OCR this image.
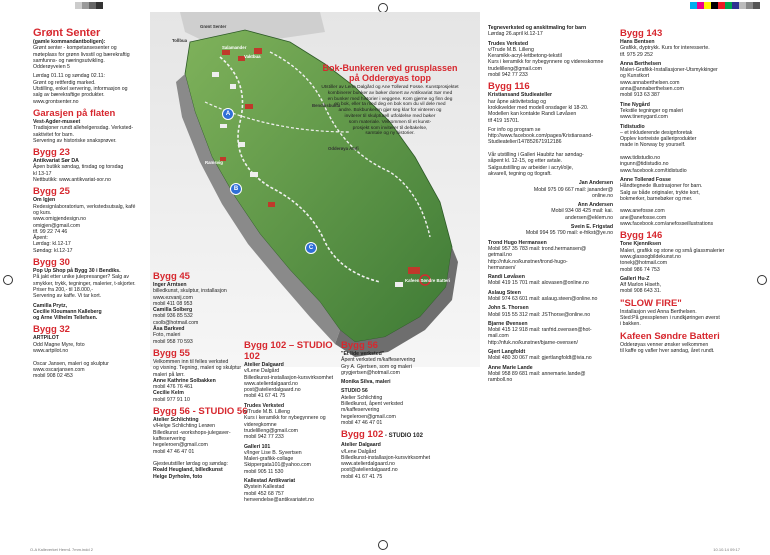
A
B
C
Grønt Senter
Tollbua
Salamander
Vaktbua
Bendiksbukta
Odderøya Amfi
Ramsvig
Kafeen Søndre Batteri
Bok-Bunkeren ved grusplassen
på Odderøyas topp
Utstiller av Lene Dalgård og Ane Tollerød Fosse. Kunstprosjektet
kombinerer bunker av bøker donert av Antikvariat Sør med
en bunker med historier i veggene. Kom gjerne og finn deg
en bok, eller ta med deg en bok som du vil dele med
andre. Bokbunkeren gjør seg klar for vinteren og
inviterer til skulpturell utfoldelse med bøker
som materiale. Velkommen til et kunst-
prosjekt som inviterer til deltakelse,
samtale og ny historier.
Grønt Senter
(gamle kommandantboligen):
Grønt senter - kompetansesenter og
møteplass for grønn livsstil og bærekraftig
samfunns- og næringsutvikling.
Odderøyveien 5
Lørdag 01.11 og søndag 02.11:
Grønt og rettferdig marked.
Utstilling, enkel servering, informasjon og
salg av bærekraftige produkter.
www.grontsenter.no
Garasjen på flaten
Vest-Agder-museet
Tradisjoner rundt allehelgensdag. Verksted-
saktivitet for barn.
Servering av historiske snaksprøver.
Bygg 23
Antikvariat Sør DA
Åpen butikk søndag, tirsdag og torsdag
kl 13-17
Nettbutikk: www.antikvariat-sor.no
Bygg 25
Om Igjen
Redesignlaboratorium, verkstedsutsalg, kafé
og kurs.
www.omigjendesign.no
omigjen@gmail.com
tlf. 99 22 74 46
Åpent:
Lørdag: kl.12-17
Søndag: kl.12-17
Bygg 30
Pop Up Shop på Bygg 30 i Bendiks.
På jakt etter unike julepresanger? Salg av
smykker, trykk, tegninger, malerier, t-skjorter.
Priser fra 200,- til 18.000,-
Servering av kaffe. Vi tar kort.
Camilla Prytz,
Cecilie Kloumann Kalleberg
og Arne Vilhelm Tellefsen.
Bygg 32
ARTPILOT
Odd Magne Myre, foto
www.artpilot.no

Oscar Jansen, maleri og skulptur
www.oscarjansen.com
mobil 908 02 453
Bygg 45
Inger Arntsen
billedkunst, skulptur, installasjon
www.ezvanij.com
mobil 411 08 953
Camilla Solberg
mobil 936 85 532
csolb@hotmail.com
Åsa Barkved
Foto, maleri
mobil 958 70 593
Bygg 55
Velkommen inn til felles verksted
og visning. Tegning, maleri og skulptur
maleri på lørr.
Anne Kathrine Solbakken
mobil 476 76 461
Cecilie Kelm
mobil 977 91 10
Bygg 56 - STUDIO 56
Atelier Schlichting
v/Helge Schlichting Lerøen
Billedkunst -workshops-julegaver-
kaffeservering
hegeleroen@gmail.com
mobil 47 46 47 01

Gjesteutstiller lørdag og søndag:
Roald Heugland, billedkunst
Helge Dyrholm, foto
Bygg 102 – STUDIO 102
Atelier Dalgaard
v/Lene Dalgård
Billedkunst-installasjon-kursvirksomhet
www.atelierdalgaard.no
post@atelierdalgaard.no
mobil 41 67 41 75
Trudes Verksted
v/Trude M.B. Lilleng
Kurs i keramikk for nybegynnere og
videregkomne
trudelilleng@gmail.com
mobil 942 77 233
Galleri 101
v/Inger Lise B. Syvertsen
Maleri-grafikk-collage
Skippergata101@yahoo.com
mobil 905 11 530
Kallestad Antikvariat
Øystein Kallestad
mobil 452 68 757
henvendelse@antikvariatet.no
Bygg 56
"Et lide verksted"
Åpent verksted m/kaffeservering
Gry A. Gjertsen, som og maleri
grygjertsen@hotmail.com
Monika Silva, maleri
STUDIO 56
Atelier Schlichting
Billedkunst, åpent verksted
m/kaffeservering
hegeleroen@gmail.com
mobil 47 46 47 01
Bygg 102 - STUDIO 102
Atelier Dalgaard
v/Lene Dalgård
Billedkunst-installasjon-kursvirksomhet
www.atelierdalgaard.no
post@atelierdalgaard.no
mobil 41 67 41 75
Tegneverksted og anskitmaling for barn
Lørdag 26.april kl.12-17
Trudes Verksted
v/Trude M.B. Lilleng
Keramikk-acryl-lettbetong-tekstil
Kurs i keramikk for nybegynnere og videreskomne
trudelilleng@gmail.com
mobil 942 77 233
Bygg 116
Kristiansand Studieateller
har åpne aktivitetsdag og
krokikvelder med modell onsdager kl 18-20.
Modellen kan kontakte Randi Løvåsen
tlf 419 15701.
For info og program se
http://www.facebook.com/pages/Kristiansand-
Studieatelier/147852671912186

Vår utstilling i Galleri Haubitz har søndag-
såpent kl. 12-15, og etter avtale.
Salgsutstilling av arbeider i acryl/olje,
akvarell, tegning og tlograft.
Jan Andersen
Mobil 975 09 667 mail: janander@
online.no
Ann Andersen
Mobil 934 08 425 mail: kai.
andersen@eklem.no
Svein E. Frigstad
Mobil 994 95 790 mail: e-frikst@ye.no
Trond Hugo Hermansen
Mobil 957 35 783 mail: trond.hermansen@
getmail.no
http://nfuk.no/kunstner/trond-hugo-
hermansen/
Randi Løvåsen
Mobil 419 15 701 mail: alovasen@online.no
Aslaug Steen
Mobil 974 63 601 mail: aslaug.steen@online.no
John S. Thorsen
Mobil 915 55 312 mail: JSThorse@online.no
Bjarne Øvensen
Mobil 415 12 918 mail: ranfrid.ovensen@hot-
mail.com
http://nfuk.no/kunstner/bjarne-ovensen/
Gjert Langfoldt
Mobil 480 30 067 mail: gjertlangfoldt@ivia.no
Anne Marie Lande
Mobil 958 89 681 mail: annemarie.lande@
ramboll.no
Bygg 143
Hans Bentsen
Grafikk, dyptrykk. Kurs for interesserte.
tlf. 975 29 252
Anna Berthelsen
Maleri-Grafikk-Installasjoner-Utsmykkinger
og Kunstkort
www.annaberthelsen.com
anna@annaberthelsen.com
mobil 913 63 387
Tine Nygård
Tekstile tegninger og maleri
www.tinenygard.com
Tidistudio
– et inkluderende designforetak
Opplev kortreiste galleriprodukter
made in Norway by yourself.

www.tidistudio.no
ingunn@tidistudio.no
www.facebook.com/tidistudio
Anne Tollerød Fosse
Håndtegnede illustrasjoner for barn.
Salg av både originaler, trykte kort,
bokmerker, barnebøker og mer.

www.anefosse.com
ane@anefosse.com
www.facebook.com/anefosseillustrations
Bygg 146
Tone Kjenniksen
Maleri, grafikk og stone og små glassmalerier
www.glassogbildekunst.no
tonekj@hotmail.com
mobil 986 74 753
Galleri Hu-Z
Alf Marlon Hiseth,
mobil 908 643 31.
"SLOW FIRE"
Installasjon ved Anna Berthelsen.
Sted:På gressplenen i rundkjøringen øverst
i bakken.
Kafeen Søndre Batteri
Odderøyas venner ønsker velkommen
til kaffe og vafler hver søndag, året rundt.
O-A Kalleverket Herm1 7mm.indd 2	10.10.14 09:17
